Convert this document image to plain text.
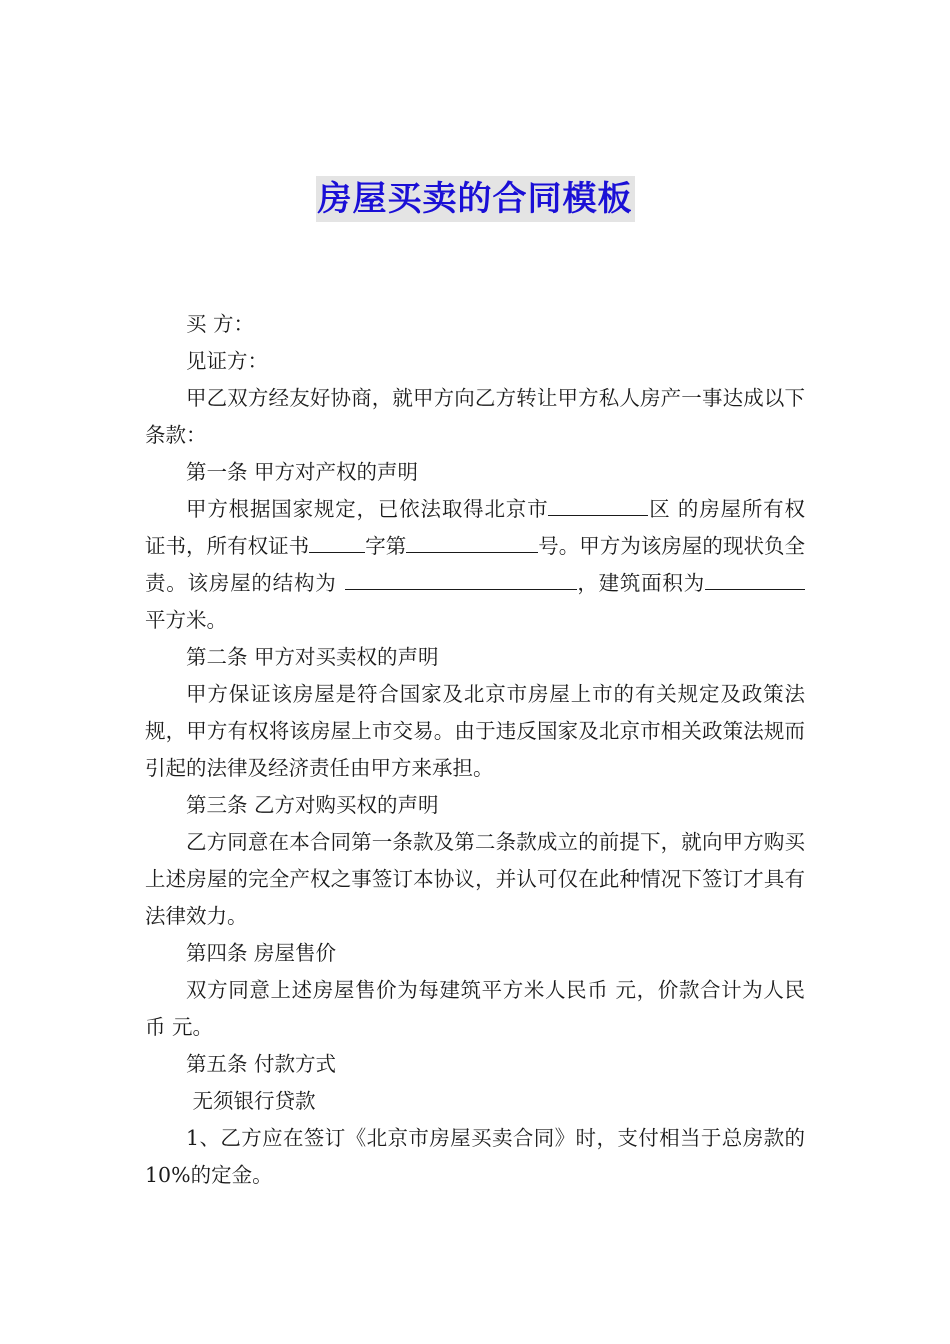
房屋买卖的合同模板

买 方：

见证方：

甲乙双方经友好协商，就甲方向乙方转让甲方私人房产一事达成以下条款：

第一条 甲方对产权的声明

甲方根据国家规定，已依法取得北京市	区 的房屋所有权证书，所有权证书	字第	号。甲方为该房屋的现状负全责。该房屋的结构为	，建筑面积为平方米。

第二条 甲方对买卖权的声明

甲方保证该房屋是符合国家及北京市房屋上市的有关规定及政策法规，甲方有权将该房屋上市交易。由于违反国家及北京市相关政策法规而引起的法律及经济责任由甲方来承担。

第三条 乙方对购买权的声明

乙方同意在本合同第一条款及第二条款成立的前提下，就向甲方购买上述房屋的完全产权之事签订本协议，并认可仅在此种情况下签订才具有法律效力。

第四条 房屋售价

双方同意上述房屋售价为每建筑平方米人民币 元，价款合计为人民币 元。

第五条 付款方式

无须银行贷款

1、乙方应在签订《北京市房屋买卖合同》时，支付相当于总房款的 10%的定金。
